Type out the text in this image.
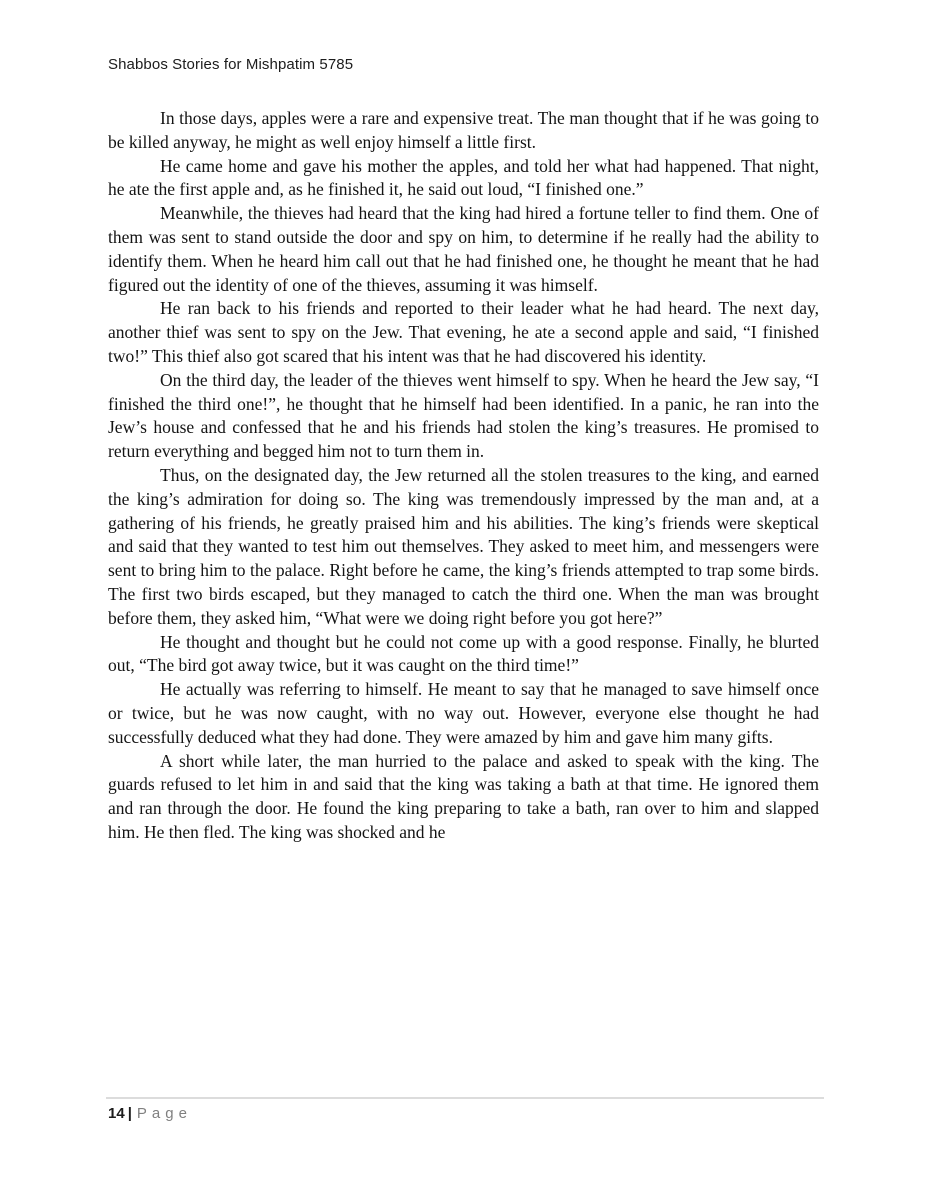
Shabbos Stories for Mishpatim 5785

In those days, apples were a rare and expensive treat. The man thought that if he was going to be killed anyway, he might as well enjoy himself a little first.

He came home and gave his mother the apples, and told her what had happened. That night, he ate the first apple and, as he finished it, he said out loud, “I finished one.”

Meanwhile, the thieves had heard that the king had hired a fortune teller to find them. One of them was sent to stand outside the door and spy on him, to determine if he really had the ability to identify them. When he heard him call out that he had finished one, he thought he meant that he had figured out the identity of one of the thieves, assuming it was himself.

He ran back to his friends and reported to their leader what he had heard. The next day, another thief was sent to spy on the Jew. That evening, he ate a second apple and said, “I finished two!” This thief also got scared that his intent was that he had discovered his identity.

On the third day, the leader of the thieves went himself to spy. When he heard the Jew say, “I finished the third one!”, he thought that he himself had been identified. In a panic, he ran into the Jew’s house and confessed that he and his friends had stolen the king’s treasures. He promised to return everything and begged him not to turn them in.

Thus, on the designated day, the Jew returned all the stolen treasures to the king, and earned the king’s admiration for doing so. The king was tremendously impressed by the man and, at a gathering of his friends, he greatly praised him and his abilities. The king’s friends were skeptical and said that they wanted to test him out themselves. They asked to meet him, and messengers were sent to bring him to the palace. Right before he came, the king’s friends attempted to trap some birds. The first two birds escaped, but they managed to catch the third one. When the man was brought before them, they asked him, “What were we doing right before you got here?”

He thought and thought but he could not come up with a good response. Finally, he blurted out, “The bird got away twice, but it was caught on the third time!”

He actually was referring to himself. He meant to say that he managed to save himself once or twice, but he was now caught, with no way out. However, everyone else thought he had successfully deduced what they had done. They were amazed by him and gave him many gifts.

A short while later, the man hurried to the palace and asked to speak with the king. The guards refused to let him in and said that the king was taking a bath at that time. He ignored them and ran through the door. He found the king preparing to take a bath, ran over to him and slapped him. He then fled. The king was shocked and he

14 | Page
